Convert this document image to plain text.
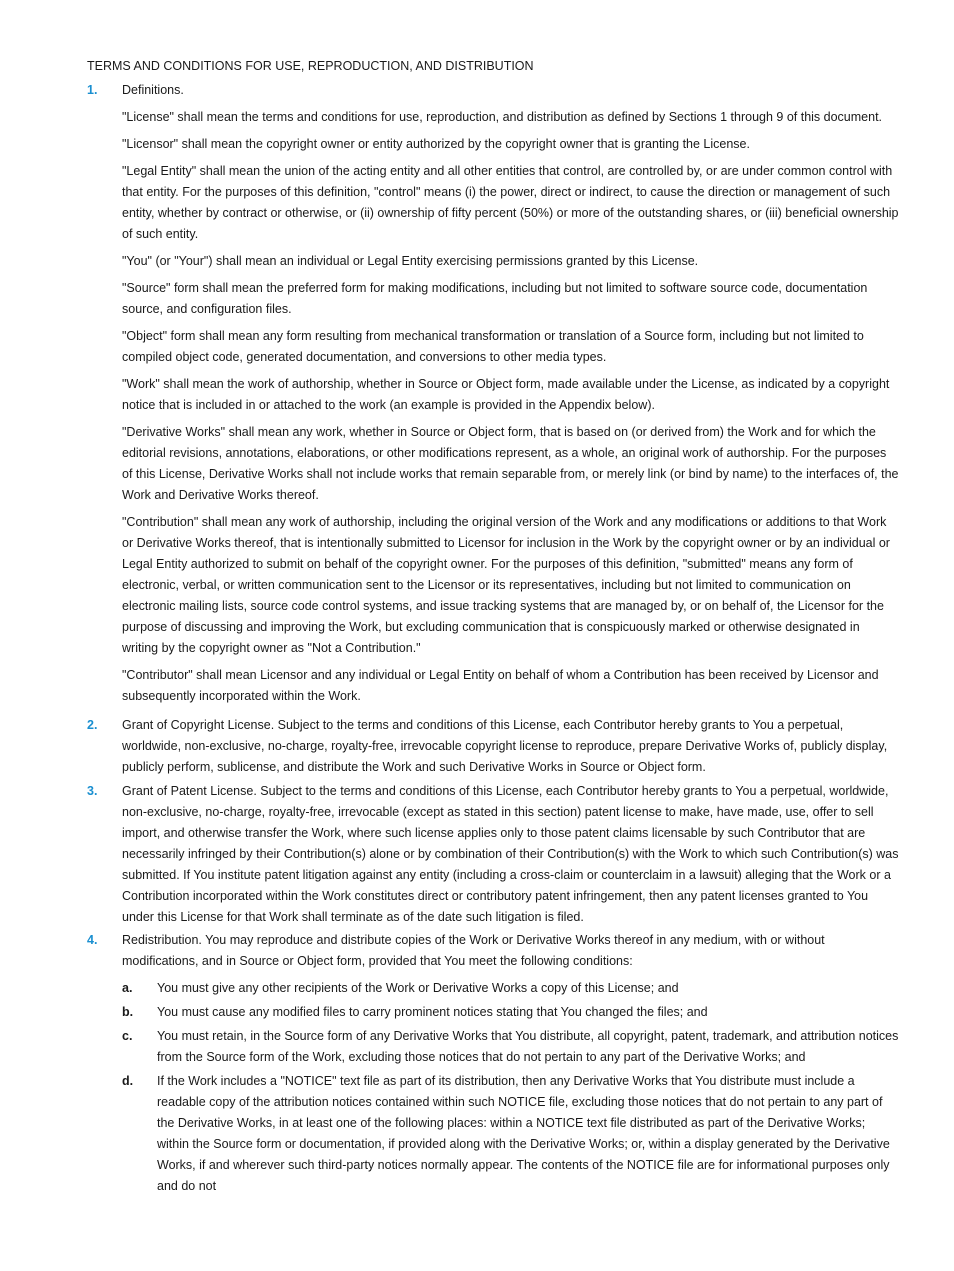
TERMS AND CONDITIONS FOR USE, REPRODUCTION, AND DISTRIBUTION
1. Definitions.

"License" shall mean the terms and conditions for use, reproduction, and distribution as defined by Sections 1 through 9 of this document.

"Licensor" shall mean the copyright owner or entity authorized by the copyright owner that is granting the License.

"Legal Entity" shall mean the union of the acting entity and all other entities that control, are controlled by, or are under common control with that entity. For the purposes of this definition, "control" means (i) the power, direct or indirect, to cause the direction or management of such entity, whether by contract or otherwise, or (ii) ownership of fifty percent (50%) or more of the outstanding shares, or (iii) beneficial ownership of such entity.

"You" (or "Your") shall mean an individual or Legal Entity exercising permissions granted by this License.

"Source" form shall mean the preferred form for making modifications, including but not limited to software source code, documentation source, and configuration files.

"Object" form shall mean any form resulting from mechanical transformation or translation of a Source form, including but not limited to compiled object code, generated documentation, and conversions to other media types.

"Work" shall mean the work of authorship, whether in Source or Object form, made available under the License, as indicated by a copyright notice that is included in or attached to the work (an example is provided in the Appendix below).

"Derivative Works" shall mean any work, whether in Source or Object form, that is based on (or derived from) the Work and for which the editorial revisions, annotations, elaborations, or other modifications represent, as a whole, an original work of authorship. For the purposes of this License, Derivative Works shall not include works that remain separable from, or merely link (or bind by name) to the interfaces of, the Work and Derivative Works thereof.

"Contribution" shall mean any work of authorship, including the original version of the Work and any modifications or additions to that Work or Derivative Works thereof, that is intentionally submitted to Licensor for inclusion in the Work by the copyright owner or by an individual or Legal Entity authorized to submit on behalf of the copyright owner. For the purposes of this definition, "submitted" means any form of electronic, verbal, or written communication sent to the Licensor or its representatives, including but not limited to communication on electronic mailing lists, source code control systems, and issue tracking systems that are managed by, or on behalf of, the Licensor for the purpose of discussing and improving the Work, but excluding communication that is conspicuously marked or otherwise designated in writing by the copyright owner as "Not a Contribution."

"Contributor" shall mean Licensor and any individual or Legal Entity on behalf of whom a Contribution has been received by Licensor and subsequently incorporated within the Work.

2. Grant of Copyright License. Subject to the terms and conditions of this License, each Contributor hereby grants to You a perpetual, worldwide, non-exclusive, no-charge, royalty-free, irrevocable copyright license to reproduce, prepare Derivative Works of, publicly display, publicly perform, sublicense, and distribute the Work and such Derivative Works in Source or Object form.

3. Grant of Patent License. Subject to the terms and conditions of this License, each Contributor hereby grants to You a perpetual, worldwide, non-exclusive, no-charge, royalty-free, irrevocable (except as stated in this section) patent license to make, have made, use, offer to sell import, and otherwise transfer the Work, where such license applies only to those patent claims licensable by such Contributor that are necessarily infringed by their Contribution(s) alone or by combination of their Contribution(s) with the Work to which such Contribution(s) was submitted. If You institute patent litigation against any entity (including a cross-claim or counterclaim in a lawsuit) alleging that the Work or a Contribution incorporated within the Work constitutes direct or contributory patent infringement, then any patent licenses granted to You under this License for that Work shall terminate as of the date such litigation is filed.

4. Redistribution. You may reproduce and distribute copies of the Work or Derivative Works thereof in any medium, with or without modifications, and in Source or Object form, provided that You meet the following conditions:

a. You must give any other recipients of the Work or Derivative Works a copy of this License; and

b. You must cause any modified files to carry prominent notices stating that You changed the files; and

c. You must retain, in the Source form of any Derivative Works that You distribute, all copyright, patent, trademark, and attribution notices from the Source form of the Work, excluding those notices that do not pertain to any part of the Derivative Works; and

d. If the Work includes a "NOTICE" text file as part of its distribution, then any Derivative Works that You distribute must include a readable copy of the attribution notices contained within such NOTICE file, excluding those notices that do not pertain to any part of the Derivative Works, in at least one of the following places: within a NOTICE text file distributed as part of the Derivative Works; within the Source form or documentation, if provided along with the Derivative Works; or, within a display generated by the Derivative Works, if and wherever such third-party notices normally appear. The contents of the NOTICE file are for informational purposes only and do not
